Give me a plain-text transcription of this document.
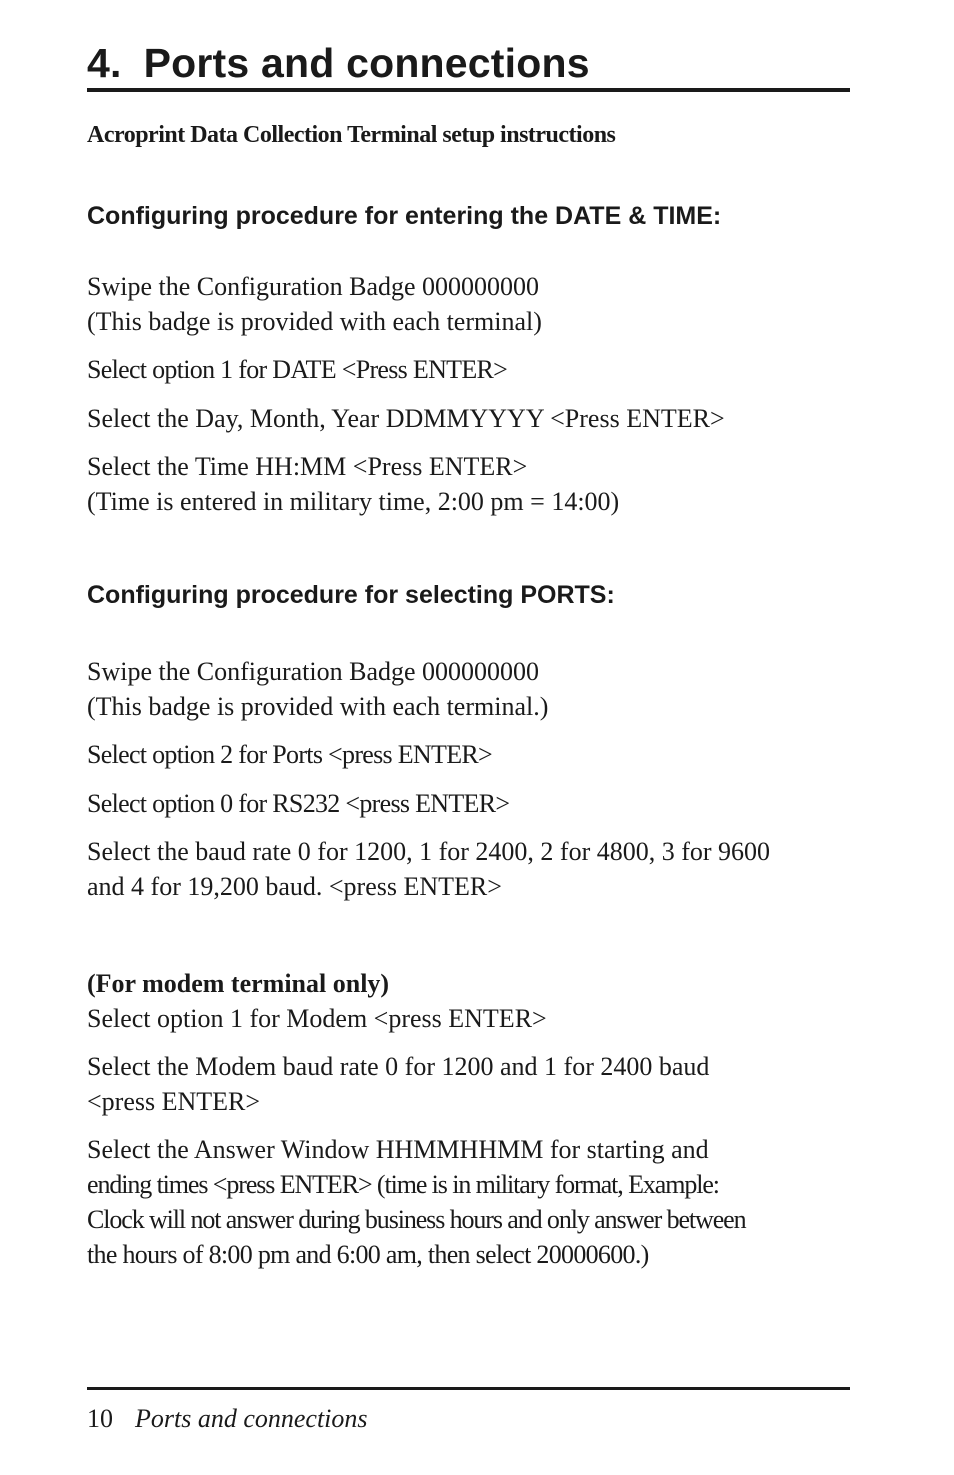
4. Ports and connections

Acroprint Data Collection Terminal setup instructions

Configuring procedure for entering the DATE & TIME:

Swipe the Configuration Badge 000000000

(This badge is provided with each terminal)

Select option 1 for DATE <Press ENTER>

Select the Day, Month, Year DDMMYYYY <Press ENTER>

Select the Time HH:MM <Press ENTER>

(Time is entered in military time, 2:00 pm = 14:00)

Configuring procedure for selecting PORTS:

Swipe the Configuration Badge 000000000

(This badge is provided with each terminal.)

Select option 2 for Ports <press ENTER>

Select option 0 for RS232 <press ENTER>

Select the baud rate 0 for 1200, 1 for 2400, 2 for 4800, 3 for 9600

and 4 for 19,200 baud. <press ENTER>

(For modem terminal only)

Select option 1 for Modem <press ENTER>

Select the Modem baud rate 0 for 1200 and 1 for 2400 baud

<press ENTER>

Select the Answer Window HHMMHHMM for starting and

ending times <press ENTER> (time is in military format, Example:

Clock will not answer during business hours and only answer between

the hours of 8:00 pm and 6:00 am, then select 20000600.)

10 Ports and connections
